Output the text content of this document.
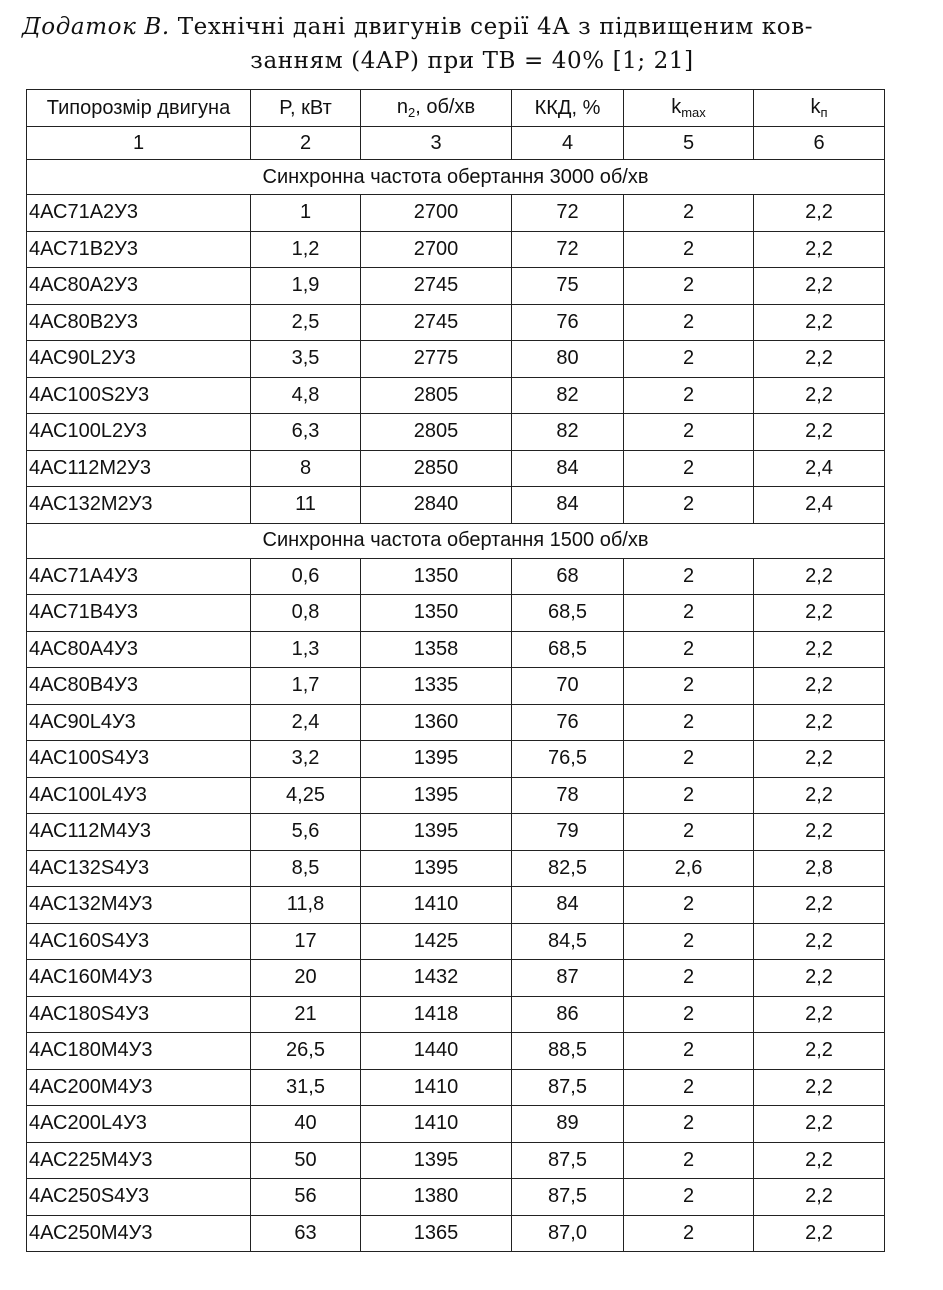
Додаток В. Технічні дані двигунів серії 4А з підвищеним ков-
занням (4АР) при ТВ = 40% [1; 21]
Типорозмір двигуна	P, кВт	$n_2$, об/хв	ККД, %	$k_{max}$	$k_п$
1	2	3	4	5	6
Синхронна частота обертання 3000 об/хв					
4АС71А2У3	1	2700	72	2	2,2
4АС71В2У3	1,2	2700	72	2	2,2
4АС80А2У3	1,9	2745	75	2	2,2
4АС80В2У3	2,5	2745	76	2	2,2
4АС90L2У3	3,5	2775	80	2	2,2
4АС100S2У3	4,8	2805	82	2	2,2
4АС100L2У3	6,3	2805	82	2	2,2
4АС112М2У3	8	2850	84	2	2,4
4АС132М2У3	11	2840	84	2	2,4
Синхронна частота обертання 1500 об/хв					
4АС71А4У3	0,6	1350	68	2	2,2
4АС71В4У3	0,8	1350	68,5	2	2,2
4АС80А4У3	1,3	1358	68,5	2	2,2
4АС80В4У3	1,7	1335	70	2	2,2
4АС90L4У3	2,4	1360	76	2	2,2
4АС100S4У3	3,2	1395	76,5	2	2,2
4АС100L4У3	4,25	1395	78	2	2,2
4АС112М4У3	5,6	1395	79	2	2,2
4АС132S4У3	8,5	1395	82,5	2,6	2,8
4АС132М4У3	11,8	1410	84	2	2,2
4АС160S4У3	17	1425	84,5	2	2,2
4АС160М4У3	20	1432	87	2	2,2
4АС180S4У3	21	1418	86	2	2,2
4АС180М4У3	26,5	1440	88,5	2	2,2
4АС200М4У3	31,5	1410	87,5	2	2,2
4АС200L4У3	40	1410	89	2	2,2
4АС225М4У3	50	1395	87,5	2	2,2
4АС250S4У3	56	1380	87,5	2	2,2
4АС250М4У3	63	1365	87,0	2	2,2
